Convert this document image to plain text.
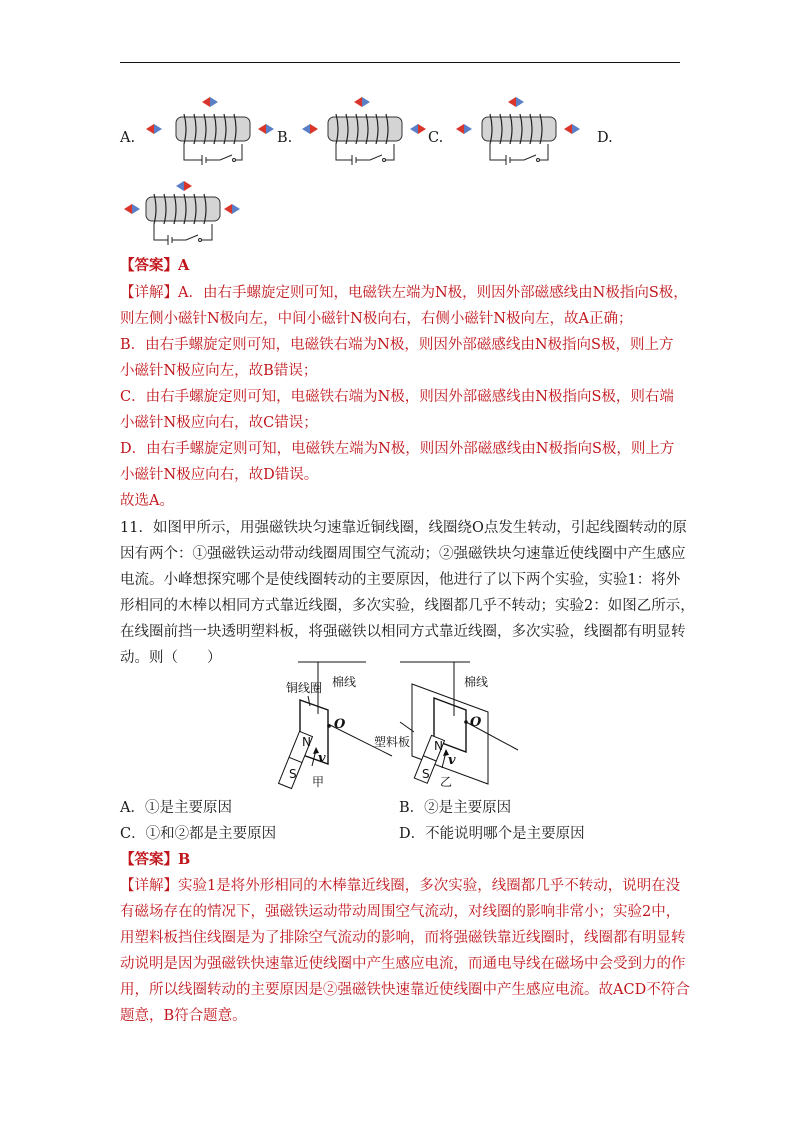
A.	B.	C.	D.
【答案】A
【详解】A．由右手螺旋定则可知，电磁铁左端为N极，则因外部磁感线由N极指向S极，
则左侧小磁针N极向左，中间小磁针N极向右，右侧小磁针N极向左，故A正确；
B．由右手螺旋定则可知，电磁铁右端为N极，则因外部磁感线由N极指向S极，则上方
小磁针N极应向左，故B错误；
C．由右手螺旋定则可知，电磁铁右端为N极，则因外部磁感线由N极指向S极，则右端
小磁针N极应向右，故C错误；
D．由右手螺旋定则可知，电磁铁左端为N极，则因外部磁感线由N极指向S极，则上方
小磁针N极应向右，故D错误。
故选A。
11．如图甲所示，用强磁铁块匀速靠近铜线圈，线圈绕O点发生转动，引起线圈转动的原
因有两个：①强磁铁运动带动线圈周围空气流动；②强磁铁块匀速靠近使线圈中产生感应
电流。小峰想探究哪个是使线圈转动的主要原因，他进行了以下两个实验，实验1：将外
形相同的木棒以相同方式靠近线圈，多次实验，线圈都几乎不转动；实验2：如图乙所示，
在线圈前挡一块透明塑料板，将强磁铁以相同方式靠近线圈，多次实验，线圈都有明显转
动。则（　　）
铜线圈 棉线
O
N
S
v
甲
棉线
O
塑料板 N
S
v
乙
A．①是主要原因	B．②是主要原因
C．①和②都是主要原因	D．不能说明哪个是主要原因
【答案】B
【详解】实验1是将外形相同的木棒靠近线圈，多次实验，线圈都几乎不转动，说明在没
有磁场存在的情况下，强磁铁运动带动周围空气流动，对线圈的影响非常小；实验2中，
用塑料板挡住线圈是为了排除空气流动的影响，而将强磁铁靠近线圈时，线圈都有明显转
动说明是因为强磁铁快速靠近使线圈中产生感应电流，而通电导线在磁场中会受到力的作
用，所以线圈转动的主要原因是②强磁铁快速靠近使线圈中产生感应电流。故ACD不符合
题意，B符合题意。
